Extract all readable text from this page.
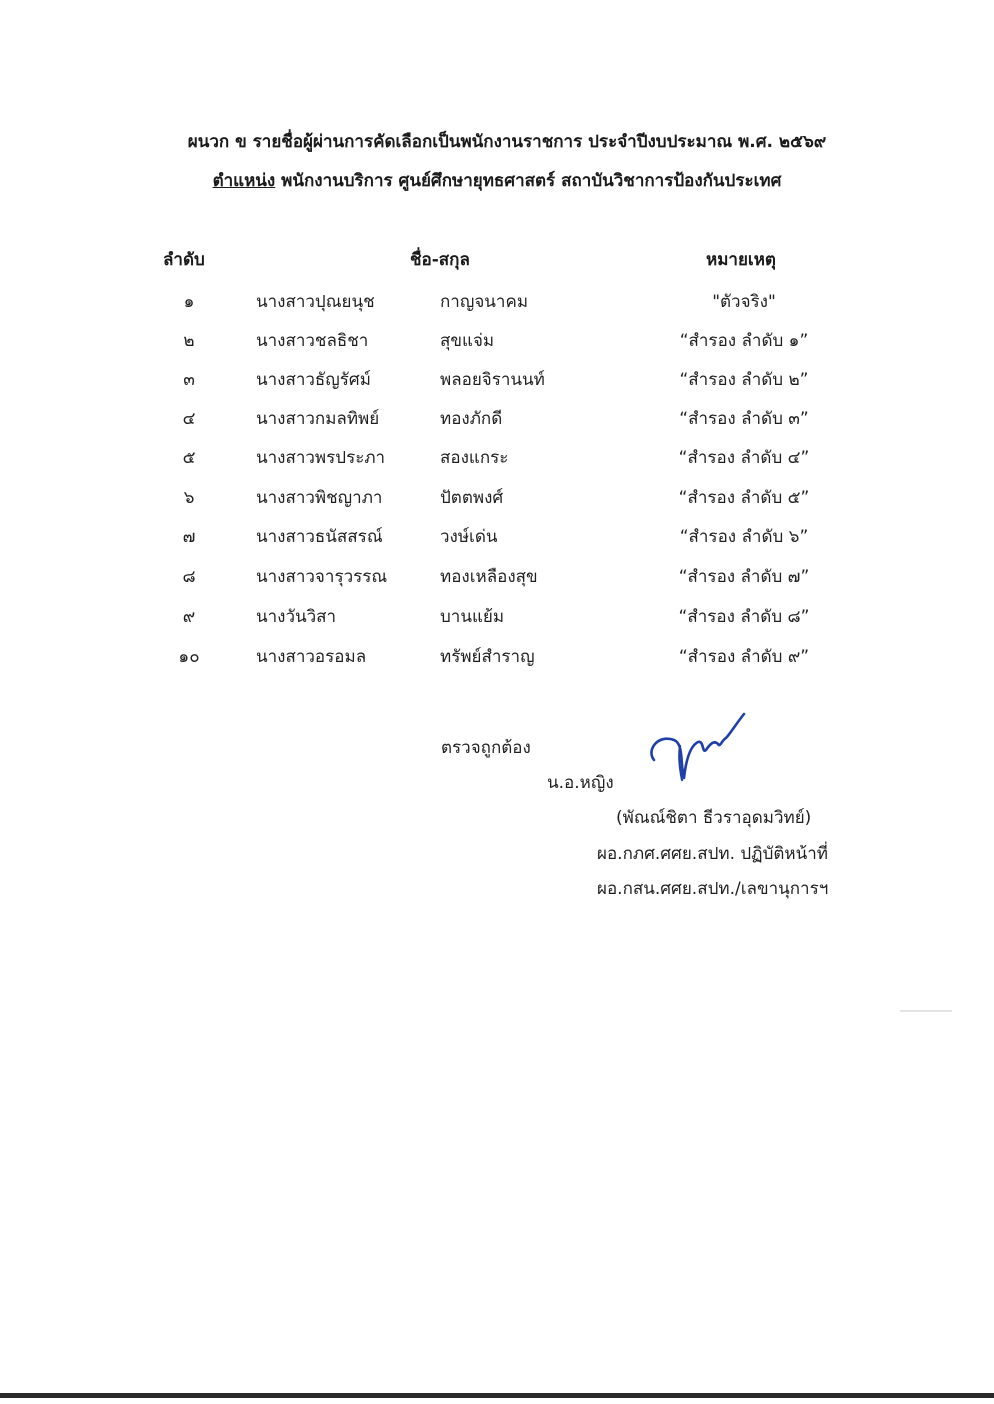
ผนวก ข รายชื่อผู้ผ่านการคัดเลือกเป็นพนักงานราชการ ประจำปีงบประมาณ พ.ศ. ๒๕๖๙
ตำแหน่ง พนักงานบริการ ศูนย์ศึกษายุทธศาสตร์ สถาบันวิชาการป้องกันประเทศ
ลำดับ	ชื่อ-สกุล	หมายเหตุ
๑	นางสาวปุณยนุช	กาญจนาคม	"ตัวจริง"
๒	นางสาวชลธิชา	สุขแจ่ม	“สำรอง ลำดับ ๑”
๓	นางสาวธัญรัศม์	พลอยจิรานนท์	“สำรอง ลำดับ ๒”
๔	นางสาวกมลทิพย์	ทองภักดี	“สำรอง ลำดับ ๓”
๕	นางสาวพรประภา	สองแกระ	“สำรอง ลำดับ ๔”
๖	นางสาวพิชญาภา	ปัตตพงศ์	“สำรอง ลำดับ ๕”
๗	นางสาวธนัสสรณ์	วงษ์เด่น	“สำรอง ลำดับ ๖”
๘	นางสาวจารุวรรณ	ทองเหลืองสุข	“สำรอง ลำดับ ๗”
๙	นางวันวิสา	บานแย้ม	“สำรอง ลำดับ ๘”
๑๐	นางสาวอรอมล	ทรัพย์สำราญ	“สำรอง ลำดับ ๙”
ตรวจถูกต้อง
น.อ.หญิง
(พัณณ์ชิตา ธีวราอุดมวิทย์)
ผอ.กภศ.ศศย.สปท. ปฏิบัติหน้าที่
ผอ.กสน.ศศย.สปท./เลขานุการฯ
